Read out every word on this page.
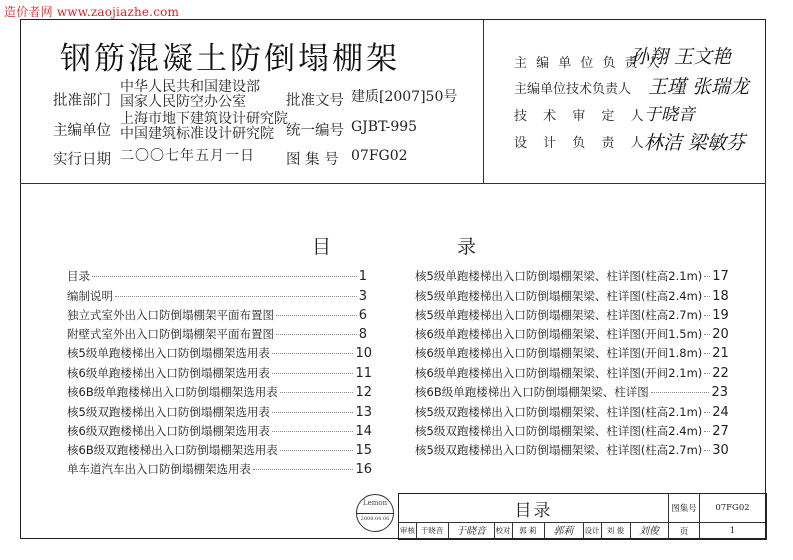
造价者网 www.zaojiazhe.com
钢筋混凝土防倒塌棚架
批准部门
中华人民共和国建设部
国家人民防空办公室
主编单位
上海市地下建筑设计研究院
中国建筑标准设计研究院
实行日期 二〇〇七年五月一日
批准文号 建质[2007]50号
统一编号 GJBT-995
图 集 号 07FG02
主 编 单 位 负 责 人
孙翔 王文艳
主编单位技术负责人 王瑾 张瑞龙
技 术 审 定 人
于晓音
设 计 负 责 人
林洁 梁敏芬
目	录
目录	1
编制说明	3
独立式室外出入口防倒塌棚架平面布置图	6
附壁式室外出入口防倒塌棚架平面布置图	8
核5级单跑楼梯出入口防倒塌棚架选用表	10
核6级单跑楼梯出入口防倒塌棚架选用表	11
核6B级单跑楼梯出入口防倒塌棚架选用表	12
核5级双跑楼梯出入口防倒塌棚架选用表	13
核6级双跑楼梯出入口防倒塌棚架选用表	14
核6B级双跑楼梯出入口防倒塌棚架选用表	15
单车道汽车出入口防倒塌棚架选用表	16
核5级单跑楼梯出入口防倒塌棚架梁、柱详图(柱高2.1m) 17
核5级单跑楼梯出入口防倒塌棚架梁、柱详图(柱高2.4m) 18
核5级单跑楼梯出入口防倒塌棚架梁、柱详图(柱高2.7m) 19
核6级单跑楼梯出入口防倒塌棚架梁、柱详图(开间1.5m) 20
核6级单跑楼梯出入口防倒塌棚架梁、柱详图(开间1.8m) 21
核6级单跑楼梯出入口防倒塌棚架梁、柱详图(开间2.1m) 22
核6B级单跑楼梯出入口防倒塌棚架梁、柱详图	23
核5级双跑楼梯出入口防倒塌棚架梁、柱详图(柱高2.1m) 24
核5级双跑楼梯出入口防倒塌棚架梁、柱详图(柱高2.4m) 27
核5级双跑楼梯出入口防倒塌棚架梁、柱详图(柱高2.7m) 30
Lemon
2008.04.06	目录	图集号	07FG02
审核 于晓音	于晓音	校对	郭 莉	郭莉	设计 刘 俊	刘俊	页	1
